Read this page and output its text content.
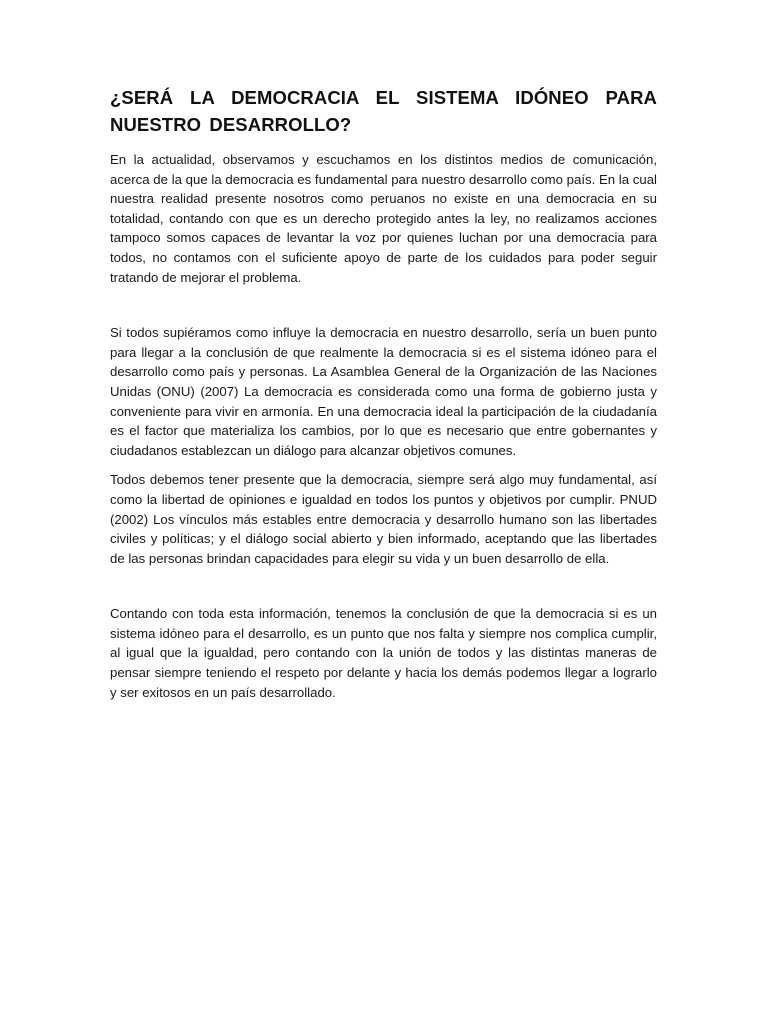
¿SERÁ LA DEMOCRACIA EL SISTEMA IDÓNEO PARA NUESTRO DESARROLLO?

En la actualidad, observamos y escuchamos en los distintos medios de comunicación, acerca de la que la democracia es fundamental para nuestro desarrollo como país. En la cual nuestra realidad presente nosotros como peruanos no existe en una democracia en su totalidad, contando con que es un derecho protegido antes la ley, no realizamos acciones tampoco somos capaces de levantar la voz por quienes luchan por una democracia para todos, no contamos con el suficiente apoyo de parte de los cuidados para poder seguir tratando de mejorar el problema.

Si todos supiéramos como influye la democracia en nuestro desarrollo, sería un buen punto para llegar a la conclusión de que realmente la democracia si es el sistema idóneo para el desarrollo como país y personas. La Asamblea General de la Organización de las Naciones Unidas (ONU) (2007) La democracia es considerada como una forma de gobierno justa y conveniente para vivir en armonía. En una democracia ideal la participación de la ciudadanía es el factor que materializa los cambios, por lo que es necesario que entre gobernantes y ciudadanos establezcan un diálogo para alcanzar objetivos comunes.

Todos debemos tener presente que la democracia, siempre será algo muy fundamental, así como la libertad de opiniones e igualdad en todos los puntos y objetivos por cumplir. PNUD (2002) Los vínculos más estables entre democracia y desarrollo humano son las libertades civiles y políticas; y el diálogo social abierto y bien informado, aceptando que las libertades de las personas brindan capacidades para elegir su vida y un buen desarrollo de ella.

Contando con toda esta información, tenemos la conclusión de que la democracia si es un sistema idóneo para el desarrollo, es un punto que nos falta y siempre nos complica cumplir, al igual que la igualdad, pero contando con la unión de todos y las distintas maneras de pensar siempre teniendo el respeto por delante y hacia los demás podemos llegar a lograrlo y ser exitosos en un país desarrollado.
